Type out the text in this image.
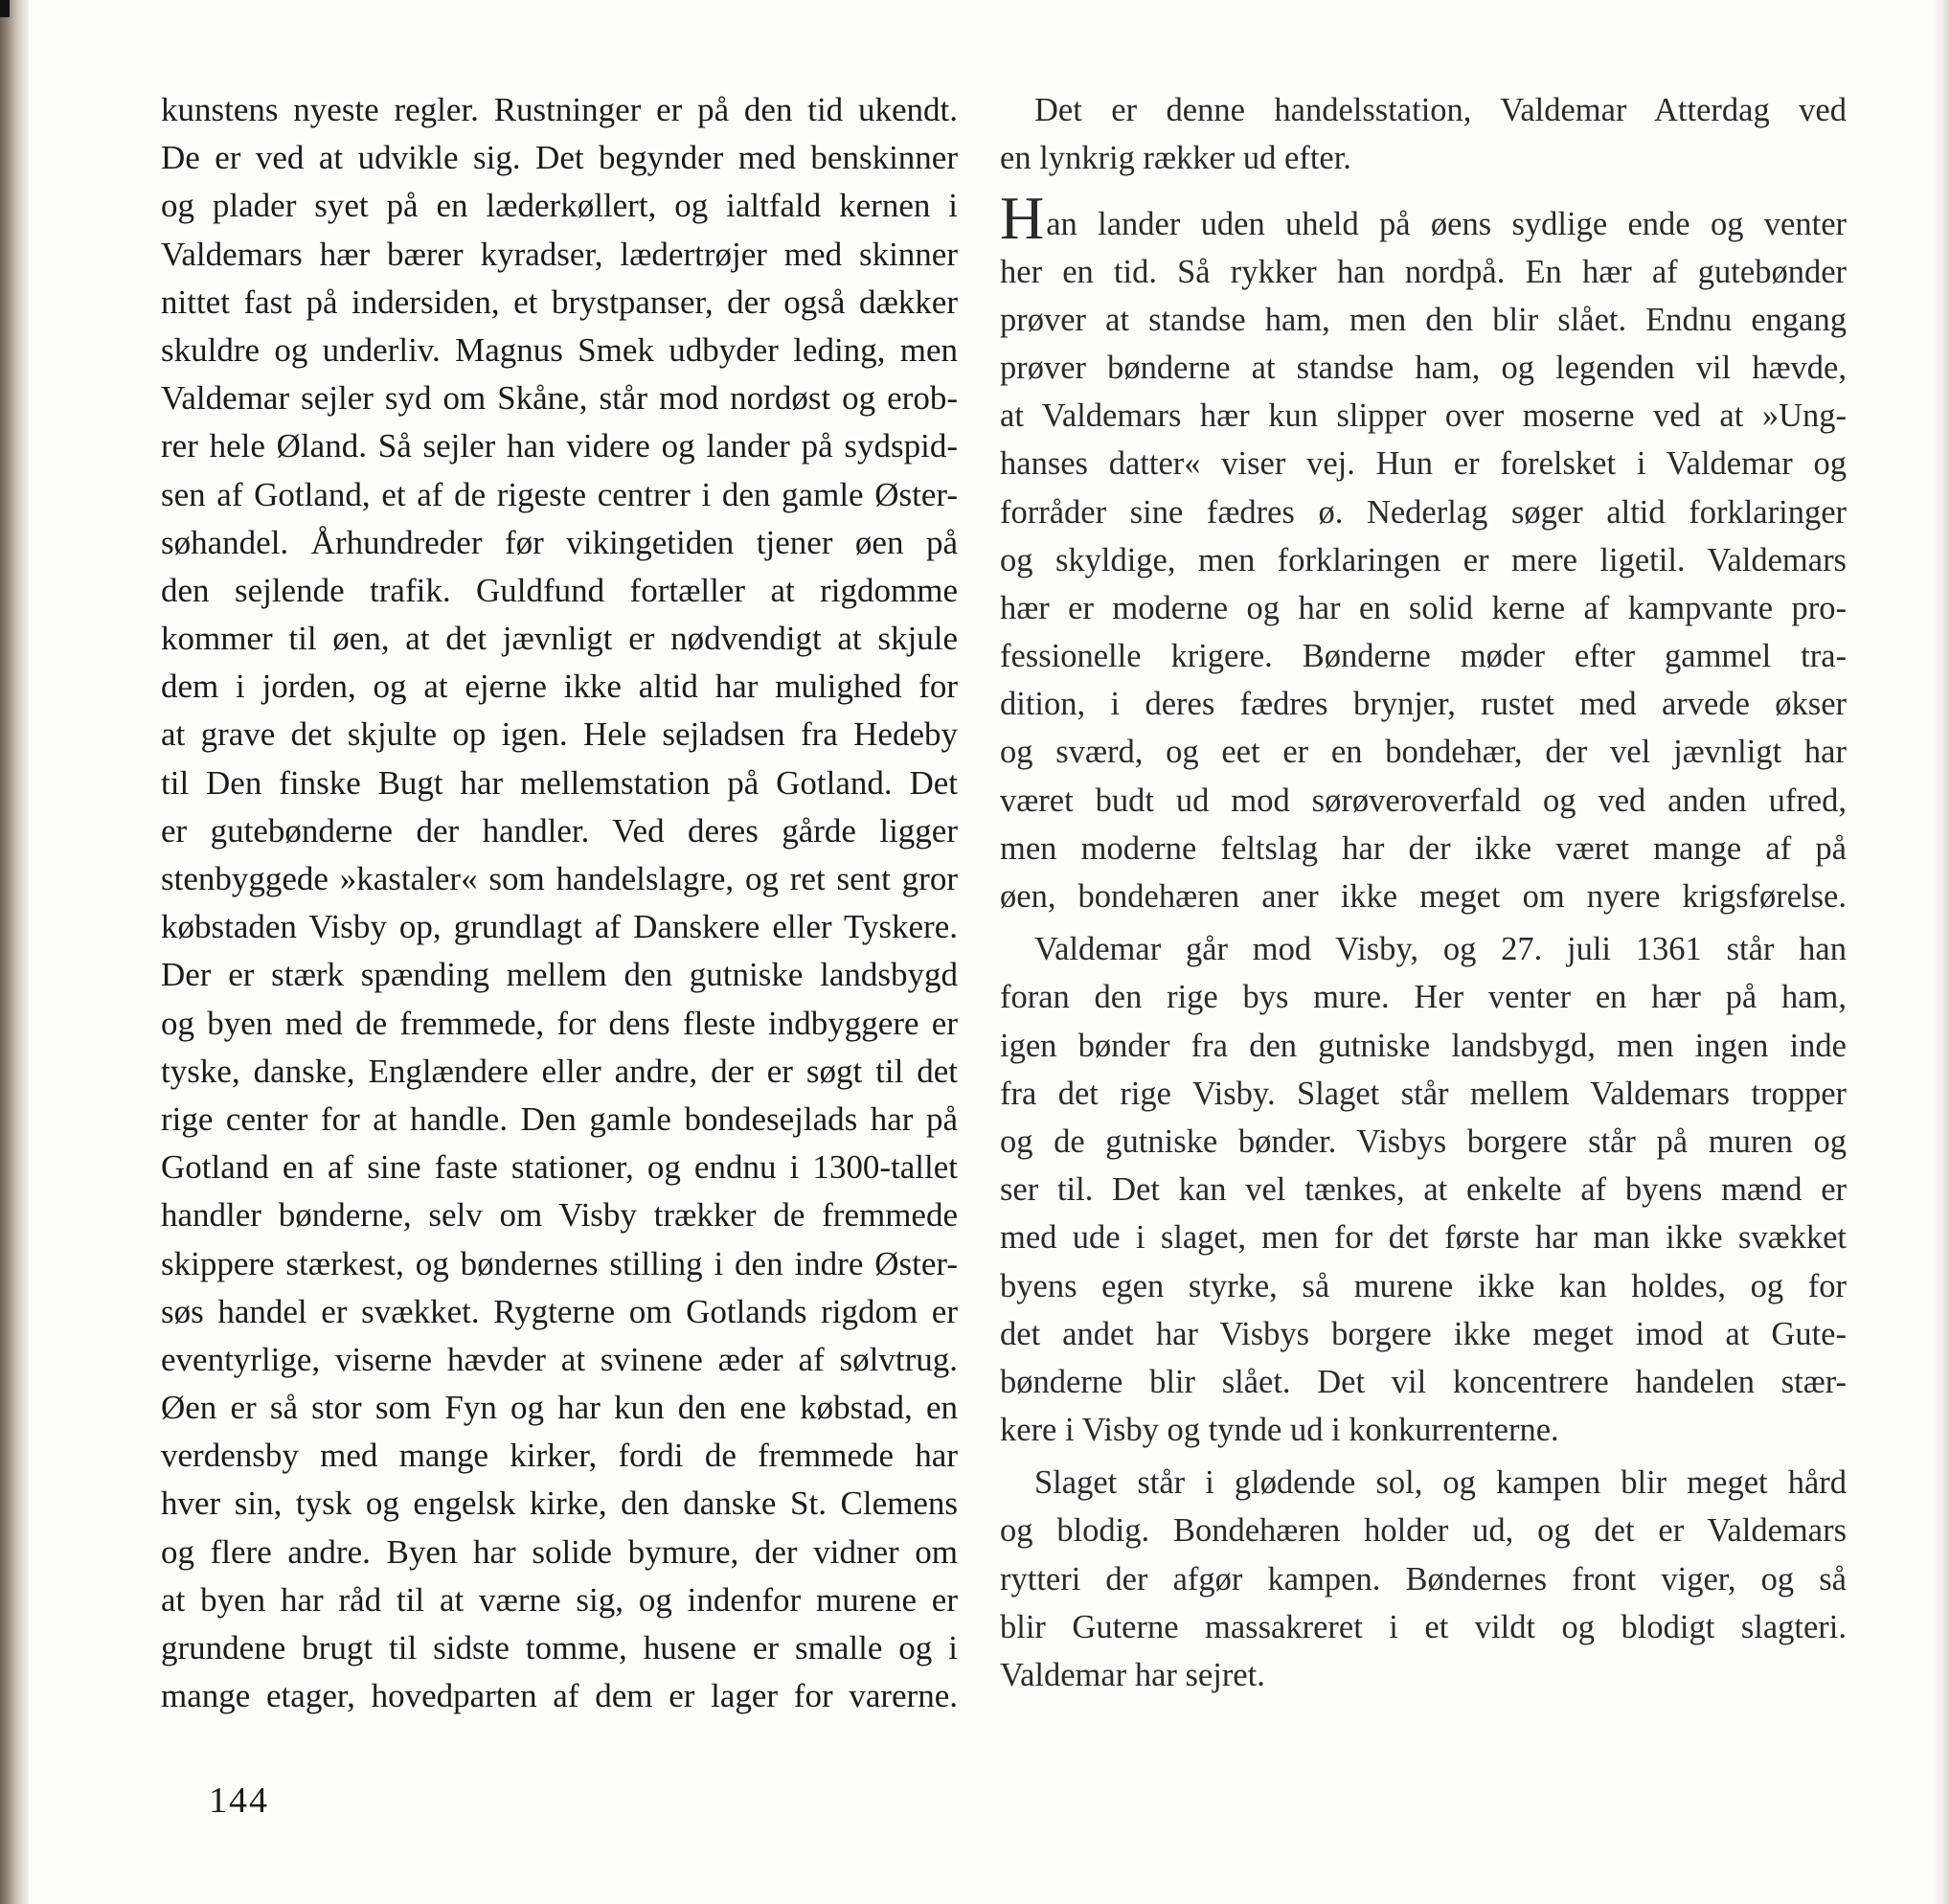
kunstens nyeste regler. Rustninger er på den tid ukendt.
De er ved at udvikle sig. Det begynder med benskinner
og plader syet på en læderkøllert, og ialtfald kernen i
Valdemars hær bærer kyradser, lædertrøjer med skinner
nittet fast på indersiden, et brystpanser, der også dækker
skuldre og underliv. Magnus Smek udbyder leding, men
Valdemar sejler syd om Skåne, står mod nordøst og erob-
rer hele Øland. Så sejler han videre og lander på sydspid-
sen af Gotland, et af de rigeste centrer i den gamle Øster-
søhandel. Århundreder før vikingetiden tjener øen på
den sejlende trafik. Guldfund fortæller at rigdomme
kommer til øen, at det jævnligt er nødvendigt at skjule
dem i jorden, og at ejerne ikke altid har mulighed for
at grave det skjulte op igen. Hele sejladsen fra Hedeby
til Den finske Bugt har mellemstation på Gotland. Det
er gutebønderne der handler. Ved deres gårde ligger
stenbyggede »kastaler« som handelslagre, og ret sent gror
købstaden Visby op, grundlagt af Danskere eller Tyskere.
Der er stærk spænding mellem den gutniske landsbygd
og byen med de fremmede, for dens fleste indbyggere er
tyske, danske, Englændere eller andre, der er søgt til det
rige center for at handle. Den gamle bondesejlads har på
Gotland en af sine faste stationer, og endnu i 1300-tallet
handler bønderne, selv om Visby trækker de fremmede
skippere stærkest, og bøndernes stilling i den indre Øster-
søs handel er svækket. Rygterne om Gotlands rigdom er
eventyrlige, viserne hævder at svinene æder af sølvtrug.
Øen er så stor som Fyn og har kun den ene købstad, en
verdensby med mange kirker, fordi de fremmede har
hver sin, tysk og engelsk kirke, den danske St. Clemens
og flere andre. Byen har solide bymure, der vidner om
at byen har råd til at værne sig, og indenfor murene er
grundene brugt til sidste tomme, husene er smalle og i
mange etager, hovedparten af dem er lager for varerne.
Det er denne handelsstation, Valdemar Atterdag ved
en lynkrig rækker ud efter.
Han lander uden uheld på øens sydlige ende og venter
her en tid. Så rykker han nordpå. En hær af gutebønder
prøver at standse ham, men den blir slået. Endnu engang
prøver bønderne at standse ham, og legenden vil hævde,
at Valdemars hær kun slipper over moserne ved at »Ung-
hanses datter« viser vej. Hun er forelsket i Valdemar og
forråder sine fædres ø. Nederlag søger altid forklaringer
og skyldige, men forklaringen er mere ligetil. Valdemars
hær er moderne og har en solid kerne af kampvante pro-
fessionelle krigere. Bønderne møder efter gammel tra-
dition, i deres fædres brynjer, rustet med arvede økser
og sværd, og eet er en bondehær, der vel jævnligt har
været budt ud mod sørøveroverfald og ved anden ufred,
men moderne feltslag har der ikke været mange af på
øen, bondehæren aner ikke meget om nyere krigsførelse.
Valdemar går mod Visby, og 27. juli 1361 står han
foran den rige bys mure. Her venter en hær på ham,
igen bønder fra den gutniske landsbygd, men ingen inde
fra det rige Visby. Slaget står mellem Valdemars tropper
og de gutniske bønder. Visbys borgere står på muren og
ser til. Det kan vel tænkes, at enkelte af byens mænd er
med ude i slaget, men for det første har man ikke svækket
byens egen styrke, så murene ikke kan holdes, og for
det andet har Visbys borgere ikke meget imod at Gute-
bønderne blir slået. Det vil koncentrere handelen stær-
kere i Visby og tynde ud i konkurrenterne.
Slaget står i glødende sol, og kampen blir meget hård
og blodig. Bondehæren holder ud, og det er Valdemars
rytteri der afgør kampen. Bøndernes front viger, og så
blir Guterne massakreret i et vildt og blodigt slagteri.
Valdemar har sejret.
144
